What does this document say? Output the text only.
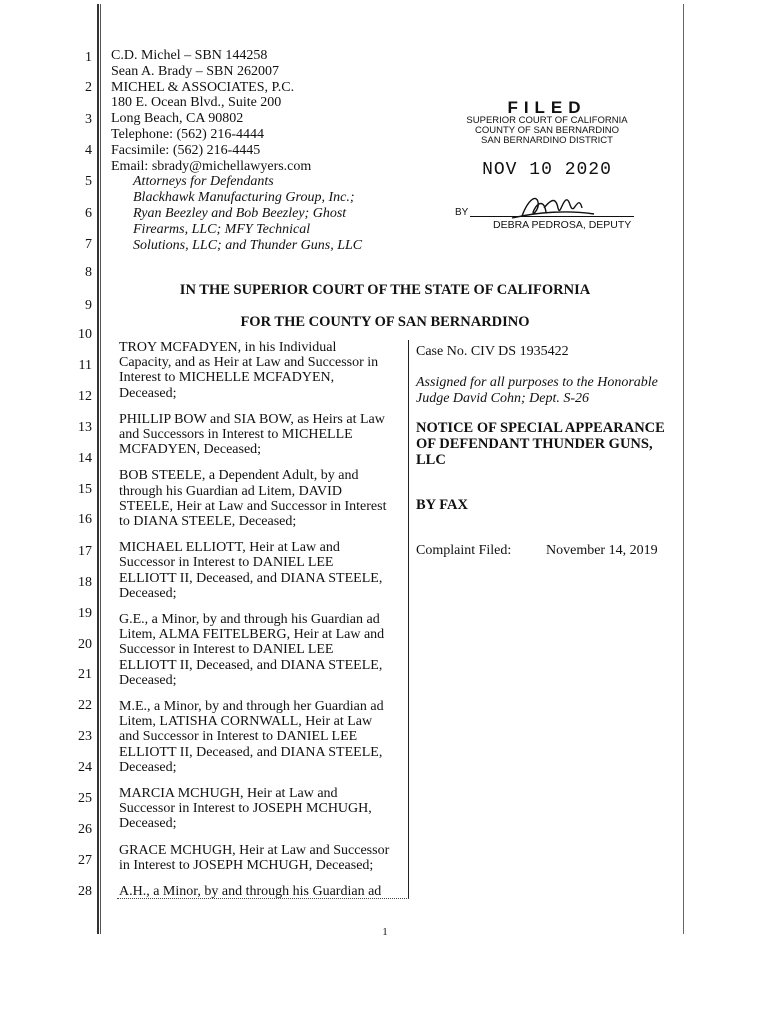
1
2
3
4
5
6
7
8
9
10
11
12
13
14
15
16
17
18
19
20
21
22
23
24
25
26
27
28
C.D. Michel – SBN 144258
Sean A. Brady – SBN 262007
MICHEL & ASSOCIATES, P.C.
180 E. Ocean Blvd., Suite 200
Long Beach, CA 90802
Telephone: (562) 216-4444
Facsimile: (562) 216-4445
Email: sbrady@michellawyers.com
Attorneys for Defendants
Blackhawk Manufacturing Group, Inc.;
Ryan Beezley and Bob Beezley; Ghost
Firearms, LLC; MFY Technical
Solutions, LLC; and Thunder Guns, LLC
FILED
SUPERIOR COURT OF CALIFORNIA
COUNTY OF SAN BERNARDINO
SAN BERNARDINO DISTRICT
NOV 10 2020
BY
DEBRA PEDROSA, DEPUTY
IN THE SUPERIOR COURT OF THE STATE OF CALIFORNIA
FOR THE COUNTY OF SAN BERNARDINO

TROY MCFADYEN, in his Individual Capacity, and as Heir at Law and Successor in Interest to MICHELLE MCFADYEN, Deceased;

PHILLIP BOW and SIA BOW, as Heirs at Law and Successors in Interest to MICHELLE MCFADYEN, Deceased;

BOB STEELE, a Dependent Adult, by and through his Guardian ad Litem, DAVID STEELE, Heir at Law and Successor in Interest to DIANA STEELE, Deceased;

MICHAEL ELLIOTT, Heir at Law and Successor in Interest to DANIEL LEE ELLIOTT II, Deceased, and DIANA STEELE, Deceased;

G.E., a Minor, by and through his Guardian ad Litem, ALMA FEITELBERG, Heir at Law and Successor in Interest to DANIEL LEE ELLIOTT II, Deceased, and DIANA STEELE, Deceased;

M.E., a Minor, by and through her Guardian ad Litem, LATISHA CORNWALL, Heir at Law and Successor in Interest to DANIEL LEE ELLIOTT II, Deceased, and DIANA STEELE, Deceased;

MARCIA MCHUGH, Heir at Law and Successor in Interest to JOSEPH MCHUGH, Deceased;

GRACE MCHUGH, Heir at Law and Successor in Interest to JOSEPH MCHUGH, Deceased;

A.H., a Minor, by and through his Guardian ad

Case No. CIV DS 1935422
Assigned for all purposes to the Honorable
Judge David Cohn; Dept. S-26
NOTICE OF SPECIAL APPEARANCE
OF DEFENDANT THUNDER GUNS,
LLC
BY FAX
Complaint Filed: November 14, 2019
1
